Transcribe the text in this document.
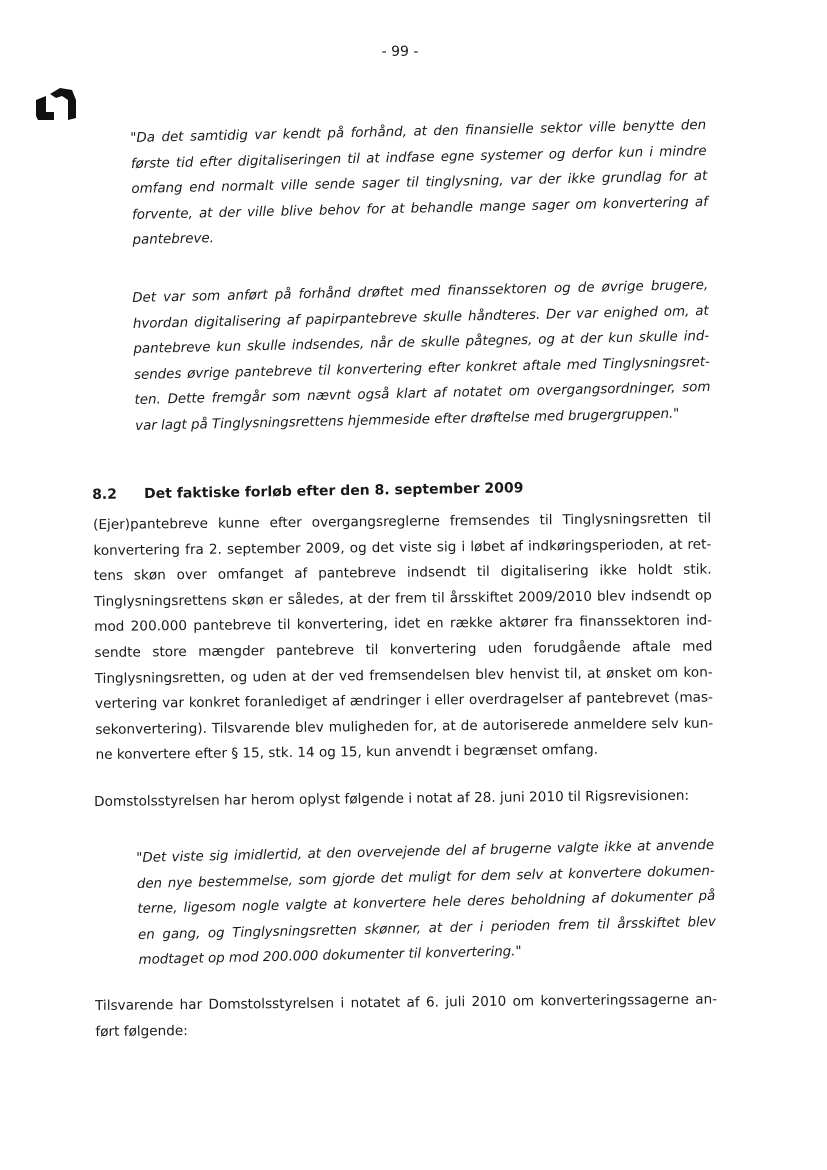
- 99 -
"Da det samtidig var kendt på forhånd, at den finansielle sektor ville benytte den
første tid efter digitaliseringen til at indfase egne systemer og derfor kun i mindre
omfang end normalt ville sende sager til tinglysning, var der ikke grundlag for at
forvente, at der ville blive behov for at behandle mange sager om konvertering af
pantebreve.
Det var som anført på forhånd drøftet med finanssektoren og de øvrige brugere,
hvordan digitalisering af papirpantebreve skulle håndteres. Der var enighed om, at
pantebreve kun skulle indsendes, når de skulle påtegnes, og at der kun skulle ind-
sendes øvrige pantebreve til konvertering efter konkret aftale med Tinglysningsret-
ten. Dette fremgår som nævnt også klart af notatet om overgangsordninger, som
var lagt på Tinglysningsrettens hjemmeside efter drøftelse med brugergruppen."
8.2 Det faktiske forløb efter den 8. september 2009
(Ejer)pantebreve kunne efter overgangsreglerne fremsendes til Tinglysningsretten til
konvertering fra 2. september 2009, og det viste sig i løbet af indkøringsperioden, at ret-
tens skøn over omfanget af pantebreve indsendt til digitalisering ikke holdt stik.
Tinglysningsrettens skøn er således, at der frem til årsskiftet 2009/2010 blev indsendt op
mod 200.000 pantebreve til konvertering, idet en række aktører fra finanssektoren ind-
sendte store mængder pantebreve til konvertering uden forudgående aftale med
Tinglysningsretten, og uden at der ved fremsendelsen blev henvist til, at ønsket om kon-
vertering var konkret foranlediget af ændringer i eller overdragelser af pantebrevet (mas-
sekonvertering). Tilsvarende blev muligheden for, at de autoriserede anmeldere selv kun-
ne konvertere efter § 15, stk. 14 og 15, kun anvendt i begrænset omfang.
Domstolsstyrelsen har herom oplyst følgende i notat af 28. juni 2010 til Rigsrevisionen:
"Det viste sig imidlertid, at den overvejende del af brugerne valgte ikke at anvende
den nye bestemmelse, som gjorde det muligt for dem selv at konvertere dokumen-
terne, ligesom nogle valgte at konvertere hele deres beholdning af dokumenter på
en gang, og Tinglysningsretten skønner, at der i perioden frem til årsskiftet blev
modtaget op mod 200.000 dokumenter til konvertering."
Tilsvarende har Domstolsstyrelsen i notatet af 6. juli 2010 om konverteringssagerne an-
ført følgende:
